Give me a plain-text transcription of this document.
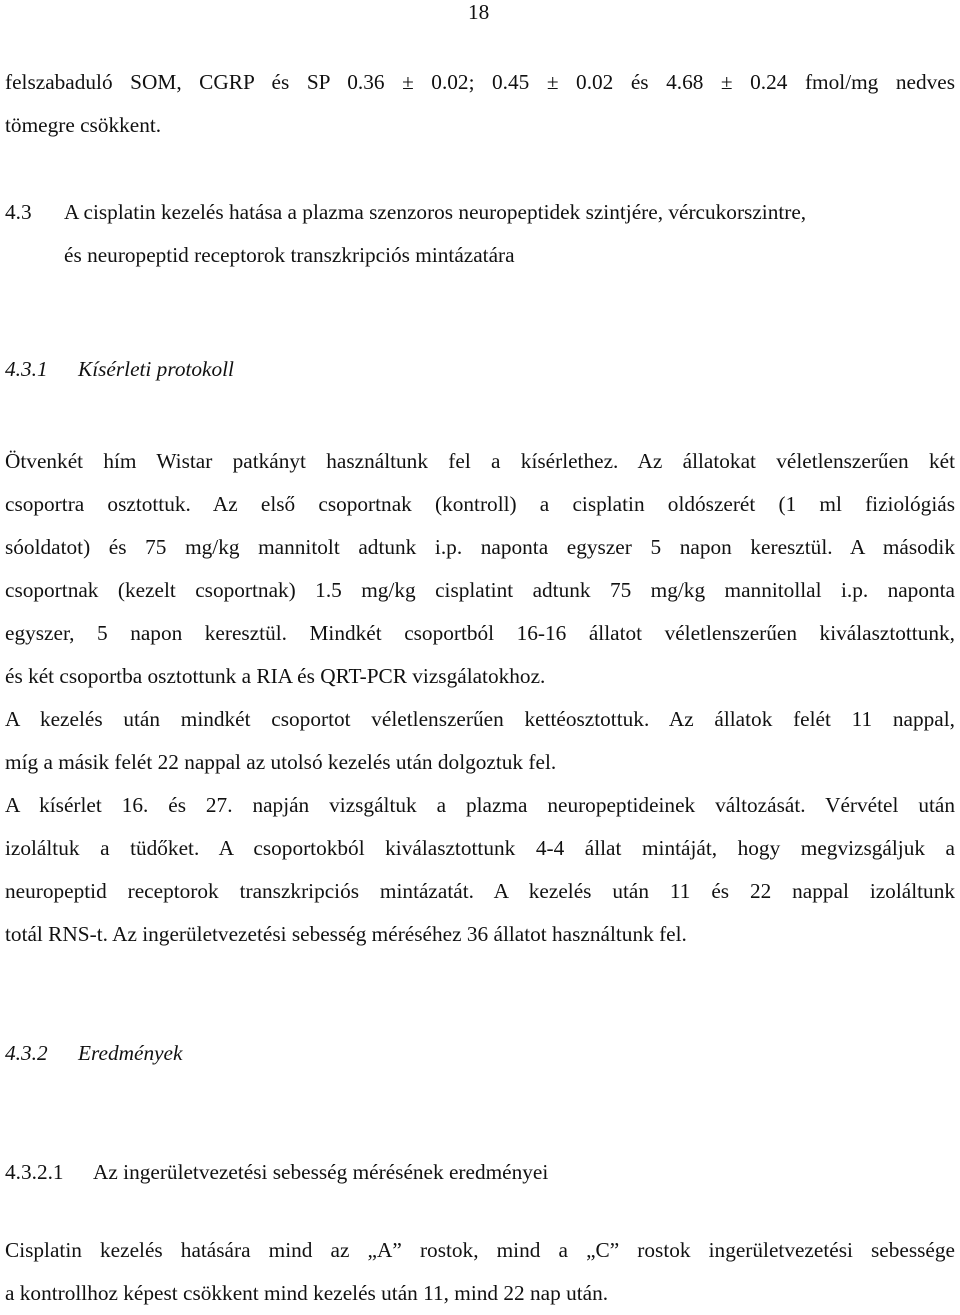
18
felszabaduló SOM, CGRP és SP 0.36 ± 0.02; 0.45 ± 0.02 és 4.68 ± 0.24 fmol/mg nedves
tömegre csökkent.
4.3 A cisplatin kezelés hatása a plazma szenzoros neuropeptidek szintjére, vércukorszintre,
és neuropeptid receptorok transzkripciós mintázatára
4.3.1 Kísérleti protokoll
Ötvenkét hím Wistar patkányt használtunk fel a kísérlethez. Az állatokat véletlenszerűen két
csoportra osztottuk. Az első csoportnak (kontroll) a cisplatin oldószerét (1 ml fiziológiás
sóoldatot) és 75 mg/kg mannitolt adtunk i.p. naponta egyszer 5 napon keresztül. A második
csoportnak (kezelt csoportnak) 1.5 mg/kg cisplatint adtunk 75 mg/kg mannitollal i.p. naponta
egyszer, 5 napon keresztül. Mindkét csoportból 16-16 állatot véletlenszerűen kiválasztottunk,
és két csoportba osztottunk a RIA és QRT-PCR vizsgálatokhoz.
A kezelés után mindkét csoportot véletlenszerűen kettéosztottuk. Az állatok felét 11 nappal,
míg a másik felét 22 nappal az utolsó kezelés után dolgoztuk fel.
A kísérlet 16. és 27. napján vizsgáltuk a plazma neuropeptideinek változását. Vérvétel után
izoláltuk a tüdőket. A csoportokból kiválasztottunk 4-4 állat mintáját, hogy megvizsgáljuk a
neuropeptid receptorok transzkripciós mintázatát. A kezelés után 11 és 22 nappal izoláltunk
totál RNS-t. Az ingerületvezetési sebesség méréséhez 36 állatot használtunk fel.
4.3.2 Eredmények
4.3.2.1 Az ingerületvezetési sebesség mérésének eredményei
Cisplatin kezelés hatására mind az „A” rostok, mind a „C” rostok ingerületvezetési sebessége
a kontrollhoz képest csökkent mind kezelés után 11, mind 22 nap után.
